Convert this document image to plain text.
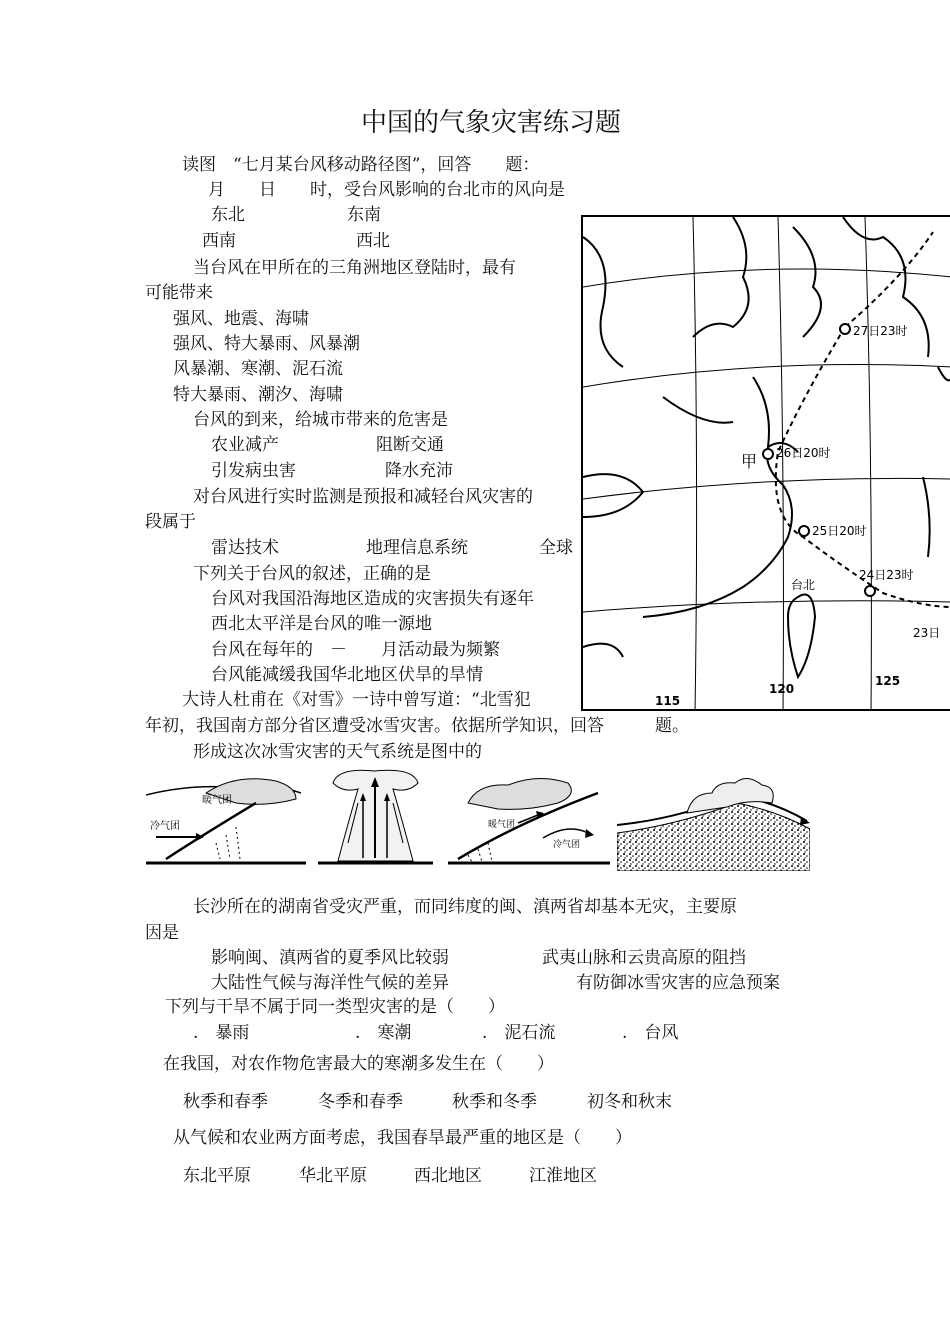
中国的气象灾害练习题
读图　“七月某台风移动路径图”，回答　　题：
月　　日　　时，受台风影响的台北市的风向是
东北	东南
西南	西北
当台风在甲所在的三角洲地区登陆时，最有
可能带来
强风、地震、海啸
强风、特大暴雨、风暴潮
风暴潮、寒潮、泥石流
特大暴雨、潮汐、海啸
台风的到来，给城市带来的危害是
农业减产	阻断交通
引发病虫害	降水充沛
对台风进行实时监测是预报和减轻台风灾害的
段属于
雷达技术	地理信息系统	全球
下列关于台风的叙述，正确的是
台风对我国沿海地区造成的灾害损失有逐年
西北太平洋是台风的唯一源地
台风在每年的　－　　月活动最为频繁
台风能减缓我国华北地区伏旱的旱情
大诗人杜甫在《对雪》一诗中曾写道：“北雪犯
年初，我国南方部分省区遭受冰雪灾害。依据所学知识，回答　　　题。
形成这次冰雪灾害的天气系统是图中的
暖气团
冷气团	暖气团
冷气团
27日23时
26日20时
25日20时
24日23时
23日
甲
台北
115
120
125
长沙所在的湖南省受灾严重，而同纬度的闽、滇两省却基本无灾，主要原
因是
影响闽、滇两省的夏季风比较弱	武夷山脉和云贵高原的阻挡
大陆性气候与海洋性气候的差异	有防御冰雪灾害的应急预案
下列与干旱不属于同一类型灾害的是（　　）
.　暴雨	.　寒潮	.　泥石流	.　台风
在我国，对农作物危害最大的寒潮多发生在（　　）
秋季和春季	冬季和春季	秋季和冬季	初冬和秋末
从气候和农业两方面考虑，我国春旱最严重的地区是（　　）
东北平原	华北平原	西北地区	江淮地区
